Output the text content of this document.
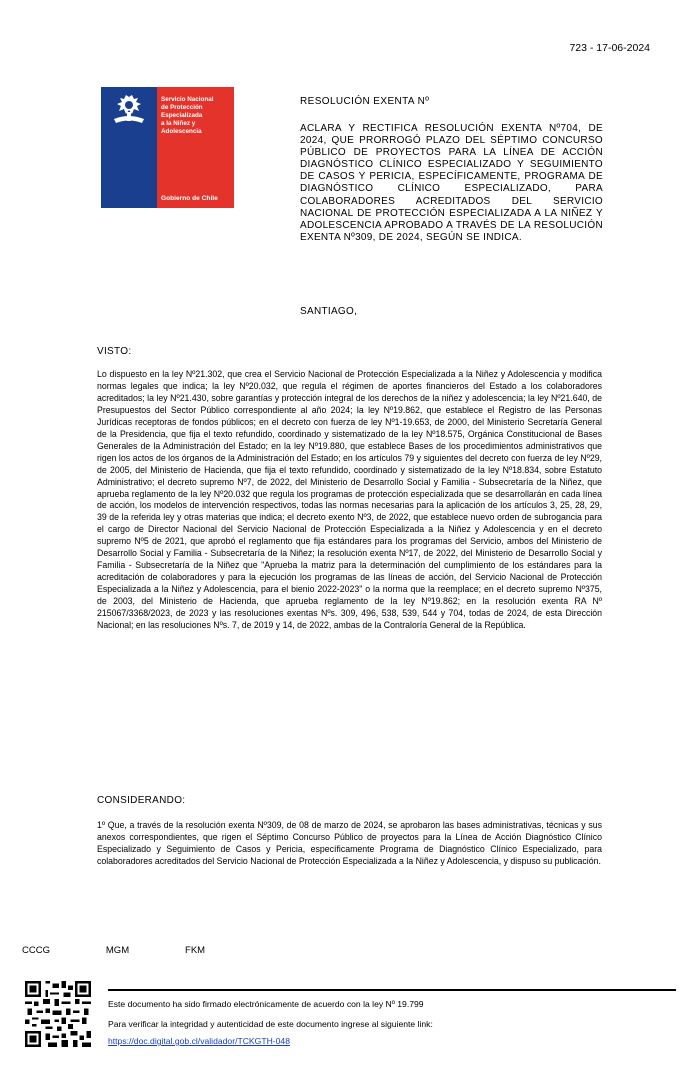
723 - 17-06-2024
Servicio Nacional
de Protección
Especializada
a la Niñez y
Adolescencia
Gobierno de Chile
RESOLUCIÓN EXENTA Nº
ACLARA Y RECTIFICA RESOLUCIÓN EXENTA Nº704, DE 2024, QUE PRORROGÓ PLAZO DEL SÉPTIMO CONCURSO PÚBLICO DE PROYECTOS PARA LA LÍNEA DE ACCIÓN DIAGNÓSTICO CLÍNICO ESPECIALIZADO Y SEGUIMIENTO DE CASOS Y PERICIA, ESPECÍFICAMENTE, PROGRAMA DE DIAGNÓSTICO CLÍNICO ESPECIALIZADO, PARA COLABORADORES ACREDITADOS DEL SERVICIO NACIONAL DE PROTECCIÓN ESPECIALIZADA A LA NIÑEZ Y ADOLESCENCIA APROBADO A TRAVÉS DE LA RESOLUCIÓN EXENTA Nº309, DE 2024, SEGÚN SE INDICA.
SANTIAGO,
VISTO:
Lo dispuesto en la ley Nº21.302, que crea el Servicio Nacional de Protección Especializada a la Niñez y Adolescencia y modifica normas legales que indica; la ley Nº20.032, que regula el régimen de aportes financieros del Estado a los colaboradores acreditados; la ley Nº21.430, sobre garantías y protección integral de los derechos de la niñez y adolescencia; la ley Nº21.640, de Presupuestos del Sector Público correspondiente al año 2024; la ley Nº19.862, que establece el Registro de las Personas Jurídicas receptoras de fondos públicos; en el decreto con fuerza de ley Nº1-19.653, de 2000, del Ministerio Secretaría General de la Presidencia, que fija el texto refundido, coordinado y sistematizado de la ley Nº18.575, Orgánica Constitucional de Bases Generales de la Administración del Estado; en la ley Nº19.880, que establece Bases de los procedimientos administrativos que rigen los actos de los órganos de la Administración del Estado; en los artículos 79 y siguientes del decreto con fuerza de ley Nº29, de 2005, del Ministerio de Hacienda, que fija el texto refundido, coordinado y sistematizado de la ley Nº18.834, sobre Estatuto Administrativo; el decreto supremo Nº7, de 2022, del Ministerio de Desarrollo Social y Familia - Subsecretaría de la Niñez, que aprueba reglamento de la ley Nº20.032 que regula los programas de protección especializada que se desarrollarán en cada línea de acción, los modelos de intervención respectivos, todas las normas necesarias para la aplicación de los artículos 3, 25, 28, 29, 39 de la referida ley y otras materias que indica; el decreto exento Nº3, de 2022, que establece nuevo orden de subrogancia para el cargo de Director Nacional del Servicio Nacional de Protección Especializada a la Niñez y Adolescencia y en el decreto supremo Nº5 de 2021, que aprobó el reglamento que fija estándares para los programas del Servicio, ambos del Ministerio de Desarrollo Social y Familia - Subsecretaría de la Niñez; la resolución exenta Nº17, de 2022, del Ministerio de Desarrollo Social y Familia - Subsecretaría de la Niñez que "Aprueba la matriz para la determinación del cumplimiento de los estándares para la acreditación de colaboradores y para la ejecución los programas de las líneas de acción, del Servicio Nacional de Protección Especializada a la Niñez y Adolescencia, para el bienio 2022-2023" o la norma que la reemplace; en el decreto supremo Nº375, de 2003, del Ministerio de Hacienda, que aprueba reglamento de la ley Nº19.862; en la resolución exenta RA Nº 215067/3368/2023, de 2023 y las resoluciones exentas Nºs. 309, 496, 538, 539, 544 y 704, todas de 2024, de esta Dirección Nacional; en las resoluciones Nºs. 7, de 2019 y 14, de 2022, ambas de la Contraloría General de la República.
CONSIDERANDO:
1º Que, a través de la resolución exenta Nº309, de 08 de marzo de 2024, se aprobaron las bases administrativas, técnicas y sus anexos correspondientes, que rigen el Séptimo Concurso Público de proyectos para la Línea de Acción Diagnóstico Clínico Especializado y Seguimiento de Casos y Pericia, específicamente Programa de Diagnóstico Clínico Especializado, para colaboradores acreditados del Servicio Nacional de Protección Especializada a la Niñez y Adolescencia, y dispuso su publicación.
CCCG   MGM   FKM
Este documento ha sido firmado electrónicamente de acuerdo con la ley Nº 19.799
Para verificar la integridad y autenticidad de este documento ingrese al siguiente link:
https://doc.digital.gob.cl/validador/TCKGTH-048
